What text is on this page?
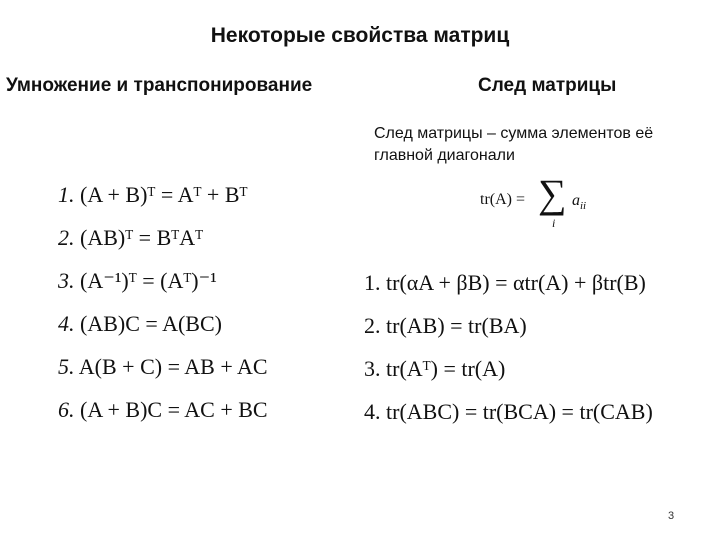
Некоторые свойства матриц
Умножение и транспонирование	След матрицы
След матрицы – сумма элементов её главной диагонали
tr(A) = ∑
i
$a_{ii}$
1. (A + B)ᵀ = Aᵀ + Bᵀ
2. (AB)ᵀ = BᵀAᵀ
3. (A⁻¹)ᵀ = (Aᵀ)⁻¹
4. (AB)C = A(BC)
5. A(B + C) = AB + AC
6. (A + B)C = AC + BC
1. tr(αA + βB) = αtr(A) + βtr(B)
2. tr(AB) = tr(BA)
3. tr(Aᵀ) = tr(A)
4. tr(ABC) = tr(BCA) = tr(CAB)
3
